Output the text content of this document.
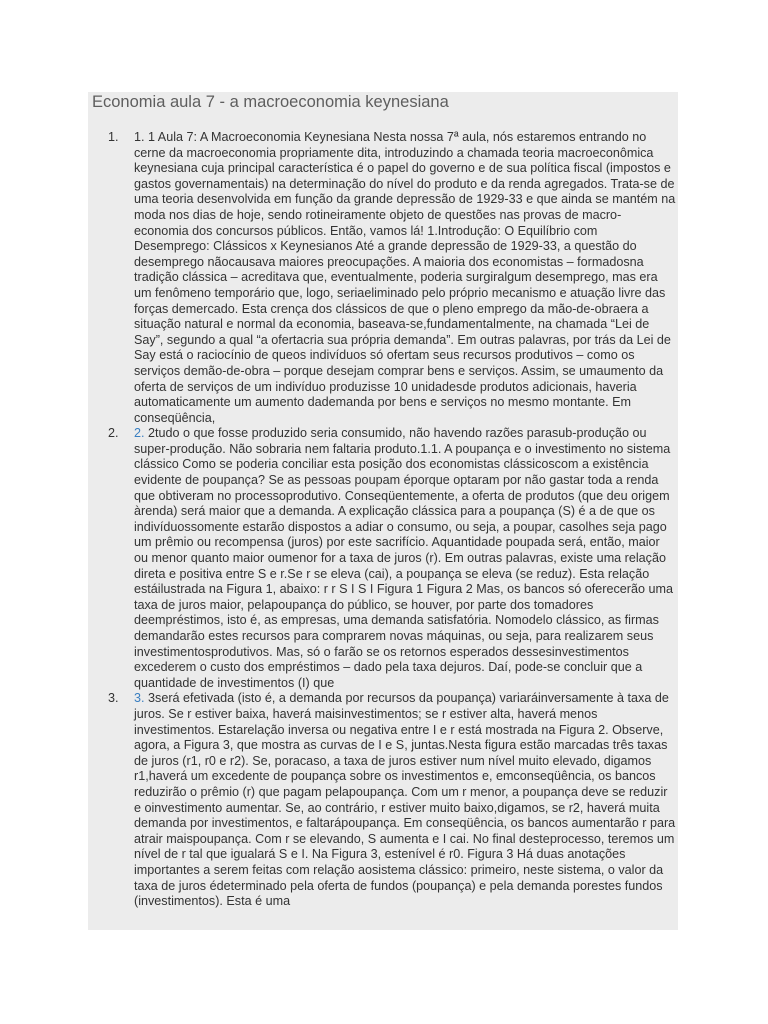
Economia aula 7 - a macroeconomia keynesiana
1.	1. 1 Aula 7: A Macroeconomia Keynesiana Nesta nossa 7ª aula, nós estaremos entrando no cerne da macroeconomia propriamente dita, introduzindo a chamada teoria macroeconômica keynesiana cuja principal característica é o papel do governo e de sua política fiscal (impostos e gastos governamentais) na determinação do nível do produto e da renda agregados. Trata-se de uma teoria desenvolvida em função da grande depressão de 1929-33 e que ainda se mantém na moda nos dias de hoje, sendo rotineiramente objeto de questões nas provas de macro- economia dos concursos públicos. Então, vamos lá! 1.Introdução: O Equilíbrio com Desemprego: Clássicos x Keynesianos Até a grande depressão de 1929-33, a questão do desemprego nãocausava maiores preocupações. A maioria dos economistas – formadosna tradição clássica – acreditava que, eventualmente, poderia surgiralgum desemprego, mas era um fenômeno temporário que, logo, seriaeliminado pelo próprio mecanismo e atuação livre das forças demercado. Esta crença dos clássicos de que o pleno emprego da mão-de-obraera a situação natural e normal da economia, baseava-se,fundamentalmente, na chamada “Lei de Say”, segundo a qual “a ofertacria sua própria demanda”. Em outras palavras, por trás da Lei de Say está o raciocínio de queos indivíduos só ofertam seus recursos produtivos – como os serviços demão-de-obra – porque desejam comprar bens e serviços. Assim, se umaumento da oferta de serviços de um indivíduo produzisse 10 unidadesde produtos adicionais, haveria automaticamente um aumento dademanda por bens e serviços no mesmo montante. Em conseqüência,
2.	2. 2tudo o que fosse produzido seria consumido, não havendo razões parasub-produção ou super-produção. Não sobraria nem faltaria produto.1.1. A poupança e o investimento no sistema clássico Como se poderia conciliar esta posição dos economistas clássicoscom a existência evidente de poupança? Se as pessoas poupam éporque optaram por não gastar toda a renda que obtiveram no processoprodutivo. Conseqüentemente, a oferta de produtos (que deu origem àrenda) será maior que a demanda. A explicação clássica para a poupança (S) é a de que os indivíduossomente estarão dispostos a adiar o consumo, ou seja, a poupar, casolhes seja pago um prêmio ou recompensa (juros) por este sacrifício. Aquantidade poupada será, então, maior ou menor quanto maior oumenor for a taxa de juros (r). Em outras palavras, existe uma relação direta e positiva entre S e r.Se r se eleva (cai), a poupança se eleva (se reduz). Esta relação estáilustrada na Figura 1, abaixo: r r S I S I Figura 1 Figura 2 Mas, os bancos só oferecerão uma taxa de juros maior, pelapoupança do público, se houver, por parte dos tomadores deempréstimos, isto é, as empresas, uma demanda satisfatória. Nomodelo clássico, as firmas demandarão estes recursos para comprarem novas máquinas, ou seja, para realizarem seus investimentosprodutivos. Mas, só o farão se os retornos esperados dessesinvestimentos excederem o custo dos empréstimos – dado pela taxa dejuros. Daí, pode-se concluir que a quantidade de investimentos (I) que
3.	3. 3será efetivada (isto é, a demanda por recursos da poupança) variaráinversamente à taxa de juros. Se r estiver baixa, haverá maisinvestimentos; se r estiver alta, haverá menos investimentos. Estarelação inversa ou negativa entre I e r está mostrada na Figura 2. Observe, agora, a Figura 3, que mostra as curvas de I e S, juntas.Nesta figura estão marcadas três taxas de juros (r1, r0 e r2). Se, poracaso, a taxa de juros estiver num nível muito elevado, digamos r1,haverá um excedente de poupança sobre os investimentos e, emconseqüência, os bancos reduzirão o prêmio (r) que pagam pelapoupança. Com um r menor, a poupança deve se reduzir e oinvestimento aumentar. Se, ao contrário, r estiver muito baixo,digamos, se r2, haverá muita demanda por investimentos, e faltarápoupança. Em conseqüência, os bancos aumentarão r para atrair maispoupança. Com r se elevando, S aumenta e I cai. No final desteprocesso, teremos um nível de r tal que igualará S e I. Na Figura 3, estenível é r0. Figura 3 Há duas anotações importantes a serem feitas com relação aosistema clássico: primeiro, neste sistema, o valor da taxa de juros édeterminado pela oferta de fundos (poupança) e pela demanda porestes fundos (investimentos). Esta é uma
